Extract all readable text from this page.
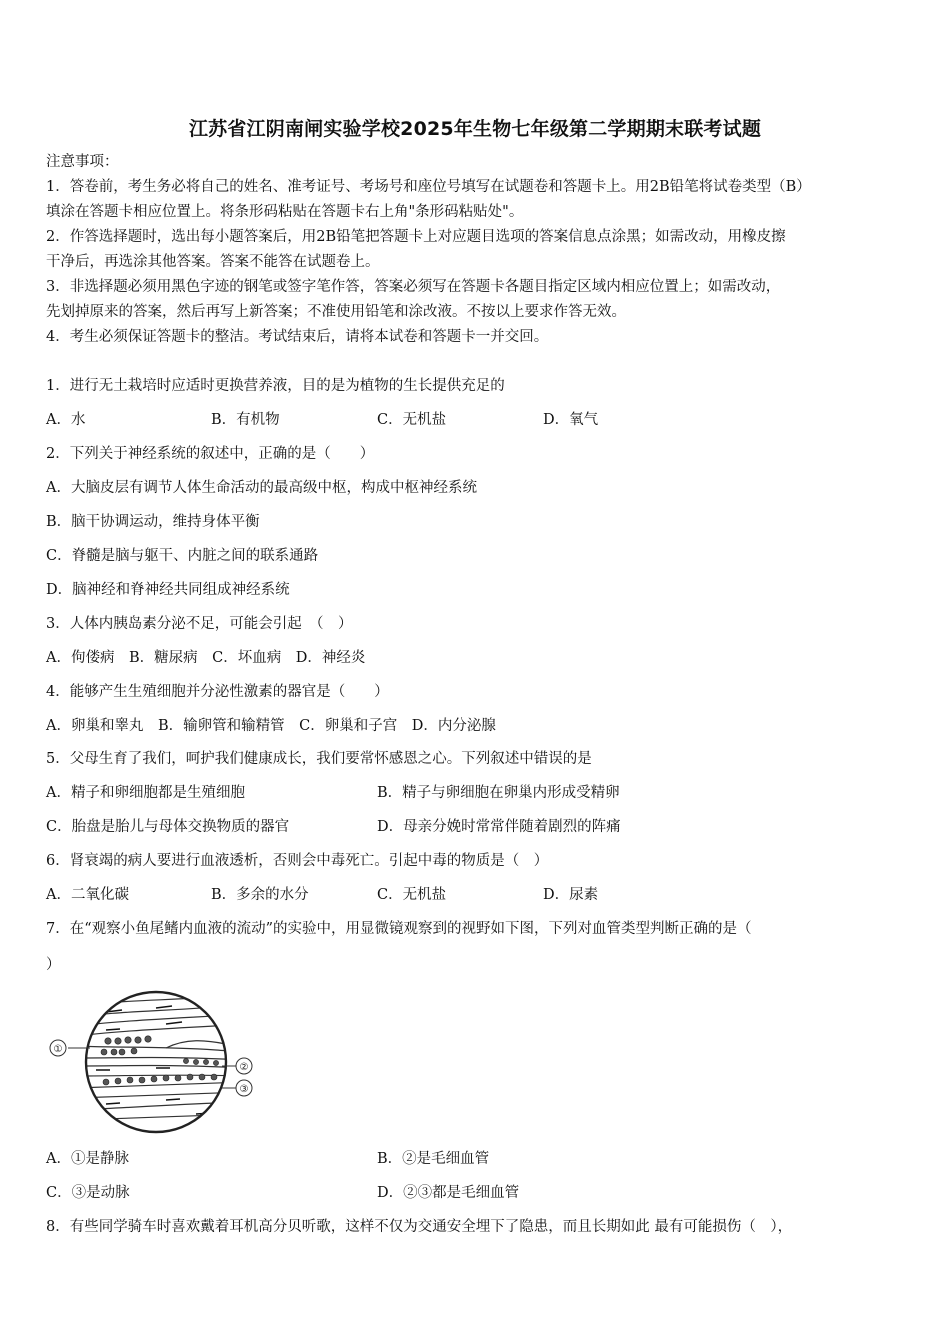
江苏省江阴南闸实验学校2025年生物七年级第二学期期末联考试题
注意事项：
1．答卷前，考生务必将自己的姓名、准考证号、考场号和座位号填写在试题卷和答题卡上。用2B铅笔将试卷类型（B）
填涂在答题卡相应位置上。将条形码粘贴在答题卡右上角"条形码粘贴处"。
2．作答选择题时，选出每小题答案后，用2B铅笔把答题卡上对应题目选项的答案信息点涂黑；如需改动，用橡皮擦
干净后，再选涂其他答案。答案不能答在试题卷上。
3．非选择题必须用黑色字迹的钢笔或签字笔作答，答案必须写在答题卡各题目指定区域内相应位置上；如需改动，
先划掉原来的答案，然后再写上新答案；不准使用铅笔和涂改液。不按以上要求作答无效。
4．考生必须保证答题卡的整洁。考试结束后，请将本试卷和答题卡一并交回。
1．进行无土栽培时应适时更换营养液，目的是为植物的生长提供充足的
A．水	B．有机物	C．无机盐	D．氧气
2．下列关于神经系统的叙述中，正确的是（　　）
A．大脑皮层有调节人体生命活动的最高级中枢，构成中枢神经系统
B．脑干协调运动，维持身体平衡
C．脊髓是脑与躯干、内脏之间的联系通路
D．脑神经和脊神经共同组成神经系统
3．人体内胰岛素分泌不足，可能会引起　（　）
A．佝偻病　B．糖尿病　C．坏血病　D．神经炎
4．能够产生生殖细胞并分泌性激素的器官是（　　）
A．卵巢和睾丸　B．输卵管和输精管　C．卵巢和子宫　D．内分泌腺
5．父母生育了我们，呵护我们健康成长，我们要常怀感恩之心。下列叙述中错误的是
A．精子和卵细胞都是生殖细胞	B．精子与卵细胞在卵巢内形成受精卵
C．胎盘是胎儿与母体交换物质的器官	D．母亲分娩时常常伴随着剧烈的阵痛
6．肾衰竭的病人要进行血液透析，否则会中毒死亡。引起中毒的物质是（　）
A．二氧化碳	B．多余的水分	C．无机盐	D．尿素
7．在“观察小鱼尾鳍内血液的流动”的实验中，用显微镜观察到的视野如下图，下列对血管类型判断正确的是（
）
①
②
③
A．①是静脉	B．②是毛细血管
C．③是动脉	D．②③都是毛细血管
8．有些同学骑车时喜欢戴着耳机高分贝听歌，这样不仅为交通安全埋下了隐患，而且长期如此 最有可能损伤（　），
